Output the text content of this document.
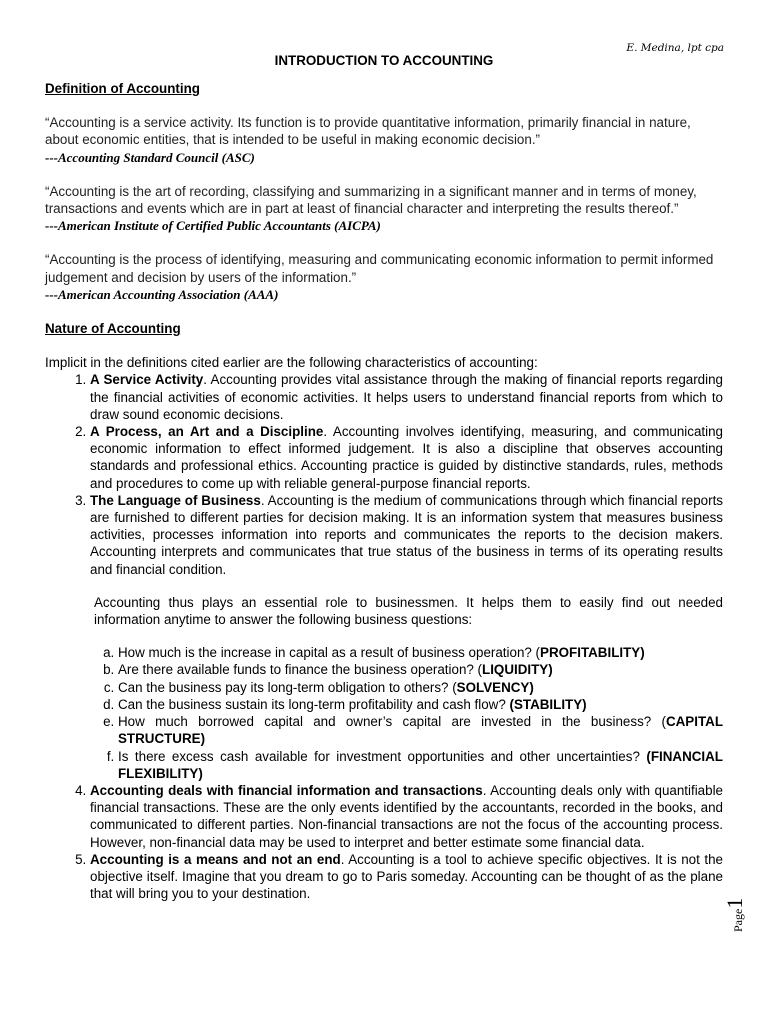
E. Medina, lpt cpa
INTRODUCTION TO ACCOUNTING

Definition of Accounting

“Accounting is a service activity. Its function is to provide quantitative information, primarily financial in nature, about economic entities, that is intended to be useful in making economic decision.”

---Accounting Standard Council (ASC)

“Accounting is the art of recording, classifying and summarizing in a significant manner and in terms of money, transactions and events which are in part at least of financial character and interpreting the results thereof.”

---American Institute of Certified Public Accountants (AICPA)

“Accounting is the process of identifying, measuring and communicating economic information to permit informed judgement and decision by users of the information.”

---American Accounting Association (AAA)

Nature of Accounting

Implicit in the definitions cited earlier are the following characteristics of accounting:

1. A Service Activity. Accounting provides vital assistance through the making of financial reports regarding the financial activities of economic activities. It helps users to understand financial reports from which to draw sound economic decisions.
2. A Process, an Art and a Discipline. Accounting involves identifying, measuring, and communicating economic information to effect informed judgement. It is also a discipline that observes accounting standards and professional ethics. Accounting practice is guided by distinctive standards, rules, methods and procedures to come up with reliable general-purpose financial reports.
3. The Language of Business. Accounting is the medium of communications through which financial reports are furnished to different parties for decision making. It is an information system that measures business activities, processes information into reports and communicates the reports to the decision makers. Accounting interprets and communicates that true status of the business in terms of its operating results and financial condition.

Accounting thus plays an essential role to businessmen. It helps them to easily find out needed information anytime to answer the following business questions:

a. How much is the increase in capital as a result of business operation? (PROFITABILITY)
b. Are there available funds to finance the business operation? (LIQUIDITY)
c. Can the business pay its long-term obligation to others? (SOLVENCY)
d. Can the business sustain its long-term profitability and cash flow? (STABILITY)
e. How much borrowed capital and owner’s capital are invested in the business? (CAPITAL STRUCTURE)
f. Is there excess cash available for investment opportunities and other uncertainties? (FINANCIAL FLEXIBILITY)
4. Accounting deals with financial information and transactions. Accounting deals only with quantifiable financial transactions. These are the only events identified by the accountants, recorded in the books, and communicated to different parties. Non-financial transactions are not the focus of the accounting process. However, non-financial data may be used to interpret and better estimate some financial data.
5. Accounting is a means and not an end. Accounting is a tool to achieve specific objectives. It is not the objective itself. Imagine that you dream to go to Paris someday. Accounting can be thought of as the plane that will bring you to your destination.
Page1
